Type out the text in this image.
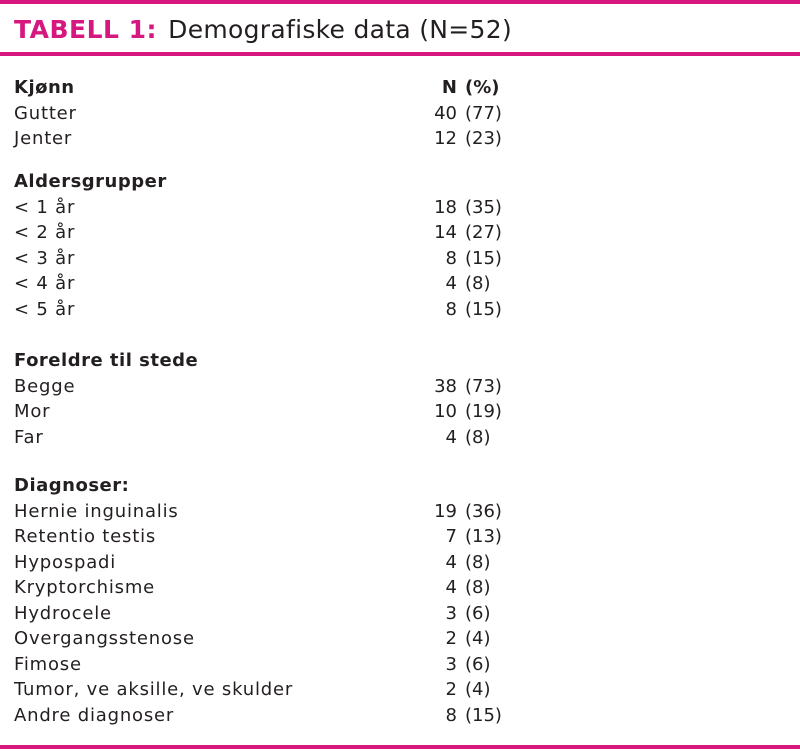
TABELL 1: Demografiske data (N=52)
Kjønn	N (%)
Gutter	40 (77)
Jenter	12 (23)
Aldersgrupper
< 1 år	18 (35)
< 2 år	14 (27)
< 3 år	8 (15)
< 4 år	4 (8)
< 5 år	8 (15)
Foreldre til stede
Begge	38 (73)
Mor	10 (19)
Far	4 (8)
Diagnoser:
Hernie inguinalis	19 (36)
Retentio testis	7 (13)
Hypospadi	4 (8)
Kryptorchisme	4 (8)
Hydrocele	3 (6)
Overgangsstenose	2 (4)
Fimose	3 (6)
Tumor, ve aksille, ve skulder	2 (4)
Andre diagnoser	8 (15)
